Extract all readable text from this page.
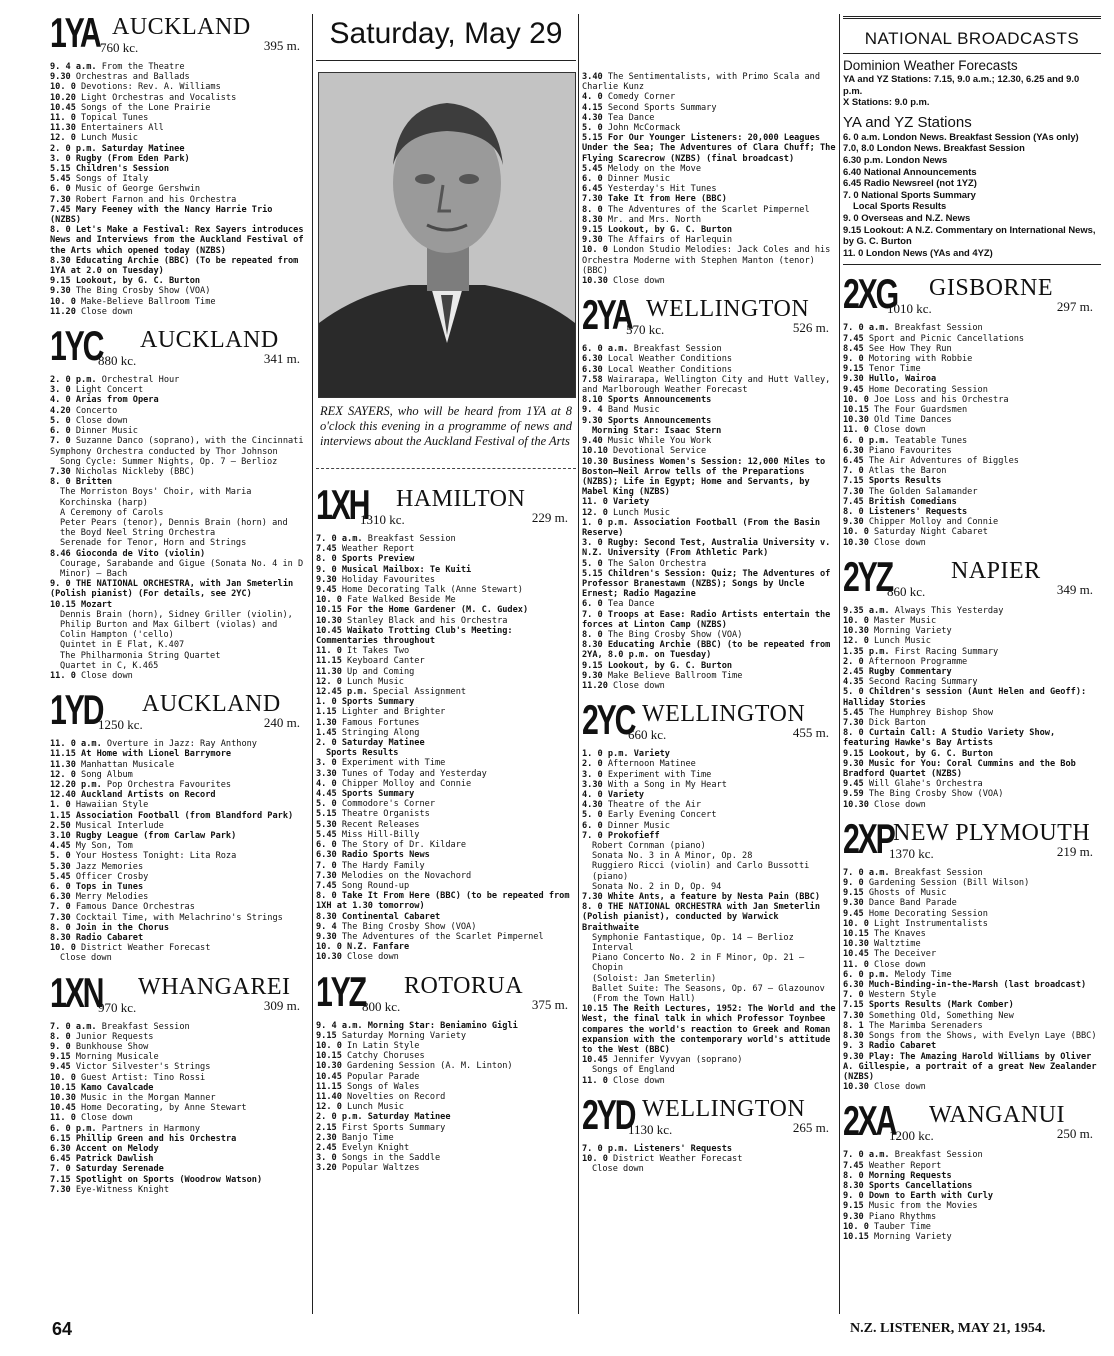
1YA AUCKLAND
760 kc.	395 m.
9. 4 a.m. From the Theatre
9.30 Orchestras and Ballads
10. 0 Devotions: Rev. A. Williams
10.20 Light Orchestras and Vocalists
10.45 Songs of the Lone Prairie
11. 0 Topical Tunes
11.30 Entertainers All
12. 0 Lunch Music
2. 0 p.m. Saturday Matinee
3. 0 Rugby (From Eden Park)
5.15 Children's Session
5.45 Songs of Italy
6. 0 Music of George Gershwin
7.30 Robert Farnon and his Orchestra
7.45 Mary Feeney with the Nancy Harrie Trio (NZBS)
8. 0 Let's Make a Festival: Rex Sayers introduces News and Interviews from the Auckland Festival of the Arts which opened today (NZBS)
8.30 Educating Archie (BBC) (To be repeated from 1YA at 2.0 on Tuesday)
9.15 Lookout, by G. C. Burton
9.30 The Bing Crosby Show (VOA)
10. 0 Make-Believe Ballroom Time
11.20 Close down
1YC AUCKLAND
880 kc.	341 m.
2. 0 p.m. Orchestral Hour
3. 0 Light Concert
4. 0 Arias from Opera
4.20 Concerto
5. 0 Close down
6. 0 Dinner Music
7. 0 Suzanne Danco (soprano), with the Cincinnati Symphony Orchestra conducted by Thor Johnson
Song Cycle: Summer Nights, Op. 7 — Berlioz
7.30 Nicholas Nickleby (BBC)
8. 0 Britten
The Morriston Boys' Choir, with Maria Korchinska (harp)
A Ceremony of Carols
Peter Pears (tenor), Dennis Brain (horn) and the Boyd Neel String Orchestra
Serenade for Tenor, Horn and Strings
8.46 Gioconda de Vito (violin)
Courage, Sarabande and Gigue (Sonata No. 4 in D Minor) — Bach
9. 0 THE NATIONAL ORCHESTRA, with Jan Smeterlin (Polish pianist) (For details, see 2YC)
10.15 Mozart
Dennis Brain (horn), Sidney Griller (violin), Philip Burton and Max Gilbert (violas) and Colin Hampton ('cello)
Quintet in E Flat, K.407
The Philharmonia String Quartet
Quartet in C, K.465
11. 0 Close down
1YD AUCKLAND
1250 kc.	240 m.
11. 0 a.m. Overture in Jazz: Ray Anthony
11.15 At Home with Lionel Barrymore
11.30 Manhattan Musicale
12. 0 Song Album
12.20 p.m. Pop Orchestra Favourites
12.40 Auckland Artists on Record
1. 0 Hawaiian Style
1.15 Association Football (from Blandford Park)
2.50 Musical Interlude
3.10 Rugby League (from Carlaw Park)
4.45 My Son, Tom
5. 0 Your Hostess Tonight: Lita Roza
5.30 Jazz Memories
5.45 Officer Crosby
6. 0 Tops in Tunes
6.30 Merry Melodies
7. 0 Famous Dance Orchestras
7.30 Cocktail Time, with Melachrino's Strings
8. 0 Join in the Chorus
8.30 Radio Cabaret
10. 0 District Weather Forecast
Close down
1XN WHANGAREI
970 kc.	309 m.
7. 0 a.m. Breakfast Session
8. 0 Junior Requests
9. 0 Bunkhouse Show
9.15 Morning Musicale
9.45 Victor Silvester's Strings
10. 0 Guest Artist: Tino Rossi
10.15 Kamo Cavalcade
10.30 Music in the Morgan Manner
10.45 Home Decorating, by Anne Stewart
11. 0 Close down
6. 0 p.m. Partners in Harmony
6.15 Phillip Green and his Orchestra
6.30 Accent on Melody
6.45 Patrick Dawlish
7. 0 Saturday Serenade
7.15 Spotlight on Sports (Woodrow Watson)
7.30 Eye-Witness Knight
Saturday, May 29
REX SAYERS, who will be heard from 1YA at 8 o'clock this evening in a programme of news and interviews about the Auckland Festival of the Arts
1XH HAMILTON
1310 kc.	229 m.
7. 0 a.m. Breakfast Session
7.45 Weather Report
8. 0 Sports Preview
9. 0 Musical Mailbox: Te Kuiti
9.30 Holiday Favourites
9.45 Home Decorating Talk (Anne Stewart)
10. 0 Fate Walked Beside Me
10.15 For the Home Gardener (M. C. Gudex)
10.30 Stanley Black and his Orchestra
10.45 Waikato Trotting Club's Meeting: Commentaries throughout
11. 0 It Takes Two
11.15 Keyboard Canter
11.30 Up and Coming
12. 0 Lunch Music
12.45 p.m. Special Assignment
1. 0 Sports Summary
1.15 Lighter and Brighter
1.30 Famous Fortunes
1.45 Stringing Along
2. 0 Saturday Matinee
Sports Results
3. 0 Experiment with Time
3.30 Tunes of Today and Yesterday
4. 0 Chipper Molloy and Connie
4.45 Sports Summary
5. 0 Commodore's Corner
5.15 Theatre Organists
5.30 Recent Releases
5.45 Miss Hill-Billy
6. 0 The Story of Dr. Kildare
6.30 Radio Sports News
7. 0 The Hardy Family
7.30 Melodies on the Novachord
7.45 Song Round-up
8. 0 Take It From Here (BBC) (to be repeated from 1XH at 1.30 tomorrow)
8.30 Continental Cabaret
9. 4 The Bing Crosby Show (VOA)
9.30 The Adventures of the Scarlet Pimpernel
10. 0 N.Z. Fanfare
10.30 Close down
1YZ ROTORUA
800 kc.	375 m.
9. 4 a.m. Morning Star: Beniamino Gigli
9.15 Saturday Morning Variety
10. 0 In Latin Style
10.15 Catchy Choruses
10.30 Gardening Session (A. M. Linton)
10.45 Popular Parade
11.15 Songs of Wales
11.40 Novelties on Record
12. 0 Lunch Music
2. 0 p.m. Saturday Matinee
2.15 First Sports Summary
2.30 Banjo Time
2.45 Evelyn Knight
3. 0 Songs in the Saddle
3.20 Popular Waltzes
3.40 The Sentimentalists, with Primo Scala and Charlie Kunz
4. 0 Comedy Corner
4.15 Second Sports Summary
4.30 Tea Dance
5. 0 John McCormack
5.15 For Our Younger Listeners: 20,000 Leagues Under the Sea; The Adventures of Clara Chuff; The Flying Scarecrow (NZBS) (final broadcast)
5.45 Melody on the Move
6. 0 Dinner Music
6.45 Yesterday's Hit Tunes
7.30 Take It from Here (BBC)
8. 0 The Adventures of the Scarlet Pimpernel
8.30 Mr. and Mrs. North
9.15 Lookout, by G. C. Burton
9.30 The Affairs of Harlequin
10. 0 London Studio Melodies: Jack Coles and his Orchestra Moderne with Stephen Manton (tenor) (BBC)
10.30 Close down
2YA WELLINGTON
570 kc.	526 m.
6. 0 a.m. Breakfast Session
6.30 Local Weather Conditions
6.30 Local Weather Conditions
7.58 Wairarapa, Wellington City and Hutt Valley, and Marlborough Weather Forecast
8.10 Sports Announcements
9. 4 Band Music
9.30 Sports Announcements
Morning Star: Isaac Stern
9.40 Music While You Work
10.10 Devotional Service
10.30 Business Women's Session: 12,000 Miles to Boston—Neil Arrow tells of the Preparations (NZBS); Life in Egypt; Home and Servants, by Mabel King (NZBS)
11. 0 Variety
12. 0 Lunch Music
1. 0 p.m. Association Football (From the Basin Reserve)
3. 0 Rugby: Second Test, Australia University v. N.Z. University (From Athletic Park)
5. 0 The Salon Orchestra
5.15 Children's Session: Quiz; The Adventures of Professor Branestawm (NZBS); Songs by Uncle Ernest; Radio Magazine
6. 0 Tea Dance
7. 0 Troops at Ease: Radio Artists entertain the forces at Linton Camp (NZBS)
8. 0 The Bing Crosby Show (VOA)
8.30 Educating Archie (BBC) (to be repeated from 2YA, 8.0 p.m. on Tuesday)
9.15 Lookout, by G. C. Burton
9.30 Make Believe Ballroom Time
11.20 Close down
2YC WELLINGTON
660 kc.	455 m.
1. 0 p.m. Variety
2. 0 Afternoon Matinee
3. 0 Experiment with Time
3.30 With a Song in My Heart
4. 0 Variety
4.30 Theatre of the Air
5. 0 Early Evening Concert
6. 0 Dinner Music
7. 0 Prokofieff
Robert Cornman (piano)
Sonata No. 3 in A Minor, Op. 28
Ruggiero Ricci (violin) and Carlo Bussotti (piano)
Sonata No. 2 in D, Op. 94
7.30 White Ants, a feature by Nesta Pain (BBC)
8. 0 THE NATIONAL ORCHESTRA with Jan Smeterlin (Polish pianist), conducted by Warwick Braithwaite
Symphonie Fantastique, Op. 14 — Berlioz
Interval
Piano Concerto No. 2 in F Minor, Op. 21 — Chopin
(Soloist: Jan Smeterlin)
Ballet Suite: The Seasons, Op. 67 — Glazounov
(From the Town Hall)
10.15 The Reith Lectures, 1952: The World and the West, the final talk in which Professor Toynbee compares the world's reaction to Greek and Roman expansion with the contemporary world's attitude to the West (BBC)
10.45 Jennifer Vyvyan (soprano)
Songs of England
11. 0 Close down
2YD WELLINGTON
1130 kc.	265 m.
7. 0 p.m. Listeners' Requests
10. 0 District Weather Forecast
Close down
NATIONAL BROADCASTS
Dominion Weather Forecasts
YA and YZ Stations: 7.15, 9.0 a.m.; 12.30, 6.25 and 9.0 p.m.
X Stations: 9.0 p.m.
YA and YZ Stations
6. 0 a.m. London News. Breakfast Session (YAs only)
7.0, 8.0 London News. Breakfast Session
6.30 p.m. London News
6.40 National Announcements
6.45 Radio Newsreel (not 1YZ)
7. 0 National Sports Summary
Local Sports Results
9. 0 Overseas and N.Z. News
9.15 Lookout: A N.Z. Commentary on International News, by G. C. Burton
11. 0 London News (YAs and 4YZ)
2XG GISBORNE
1010 kc.	297 m.
7. 0 a.m. Breakfast Session
7.45 Sport and Picnic Cancellations
8.45 See How They Run
9. 0 Motoring with Robbie
9.15 Tenor Time
9.30 Hullo, Wairoa
9.45 Home Decorating Session
10. 0 Joe Loss and his Orchestra
10.15 The Four Guardsmen
10.30 Old Time Dances
11. 0 Close down
6. 0 p.m. Teatable Tunes
6.30 Piano Favourites
6.45 The Air Adventures of Biggles
7. 0 Atlas the Baron
7.15 Sports Results
7.30 The Golden Salamander
7.45 British Comedians
8. 0 Listeners' Requests
9.30 Chipper Molloy and Connie
10. 0 Saturday Night Cabaret
10.30 Close down
2YZ NAPIER
860 kc.	349 m.
9.35 a.m. Always This Yesterday
10. 0 Master Music
10.30 Morning Variety
12. 0 Lunch Music
1.35 p.m. First Racing Summary
2. 0 Afternoon Programme
2.45 Rugby Commentary
4.35 Second Racing Summary
5. 0 Children's session (Aunt Helen and Geoff): Halliday Stories
5.45 The Humphrey Bishop Show
7.30 Dick Barton
8. 0 Curtain Call: A Studio Variety Show, featuring Hawke's Bay Artists
9.15 Lookout, by G. C. Burton
9.30 Music for You: Coral Cummins and the Bob Bradford Quartet (NZBS)
9.45 Will Glahe's Orchestra
9.59 The Bing Crosby Show (VOA)
10.30 Close down
2XP NEW PLYMOUTH
1370 kc.	219 m.
7. 0 a.m. Breakfast Session
9. 0 Gardening Session (Bill Wilson)
9.15 Ghosts of Music
9.30 Dance Band Parade
9.45 Home Decorating Session
10. 0 Light Instrumentalists
10.15 The Knaves
10.30 Waltztime
10.45 The Deceiver
11. 0 Close down
6. 0 p.m. Melody Time
6.30 Much-Binding-in-the-Marsh (last broadcast)
7. 0 Western Style
7.15 Sports Results (Mark Comber)
7.30 Something Old, Something New
8. 1 The Marimba Serenaders
8.30 Songs from the Shows, with Evelyn Laye (BBC)
9. 3 Radio Cabaret
9.30 Play: The Amazing Harold Williams by Oliver A. Gillespie, a portrait of a great New Zealander (NZBS)
10.30 Close down
2XA WANGANUI
1200 kc.	250 m.
7. 0 a.m. Breakfast Session
7.45 Weather Report
8. 0 Morning Requests
8.30 Sports Cancellations
9. 0 Down to Earth with Curly
9.15 Music from the Movies
9.30 Piano Rhythms
10. 0 Tauber Time
10.15 Morning Variety
64	N.Z. LISTENER, MAY 21, 1954.
